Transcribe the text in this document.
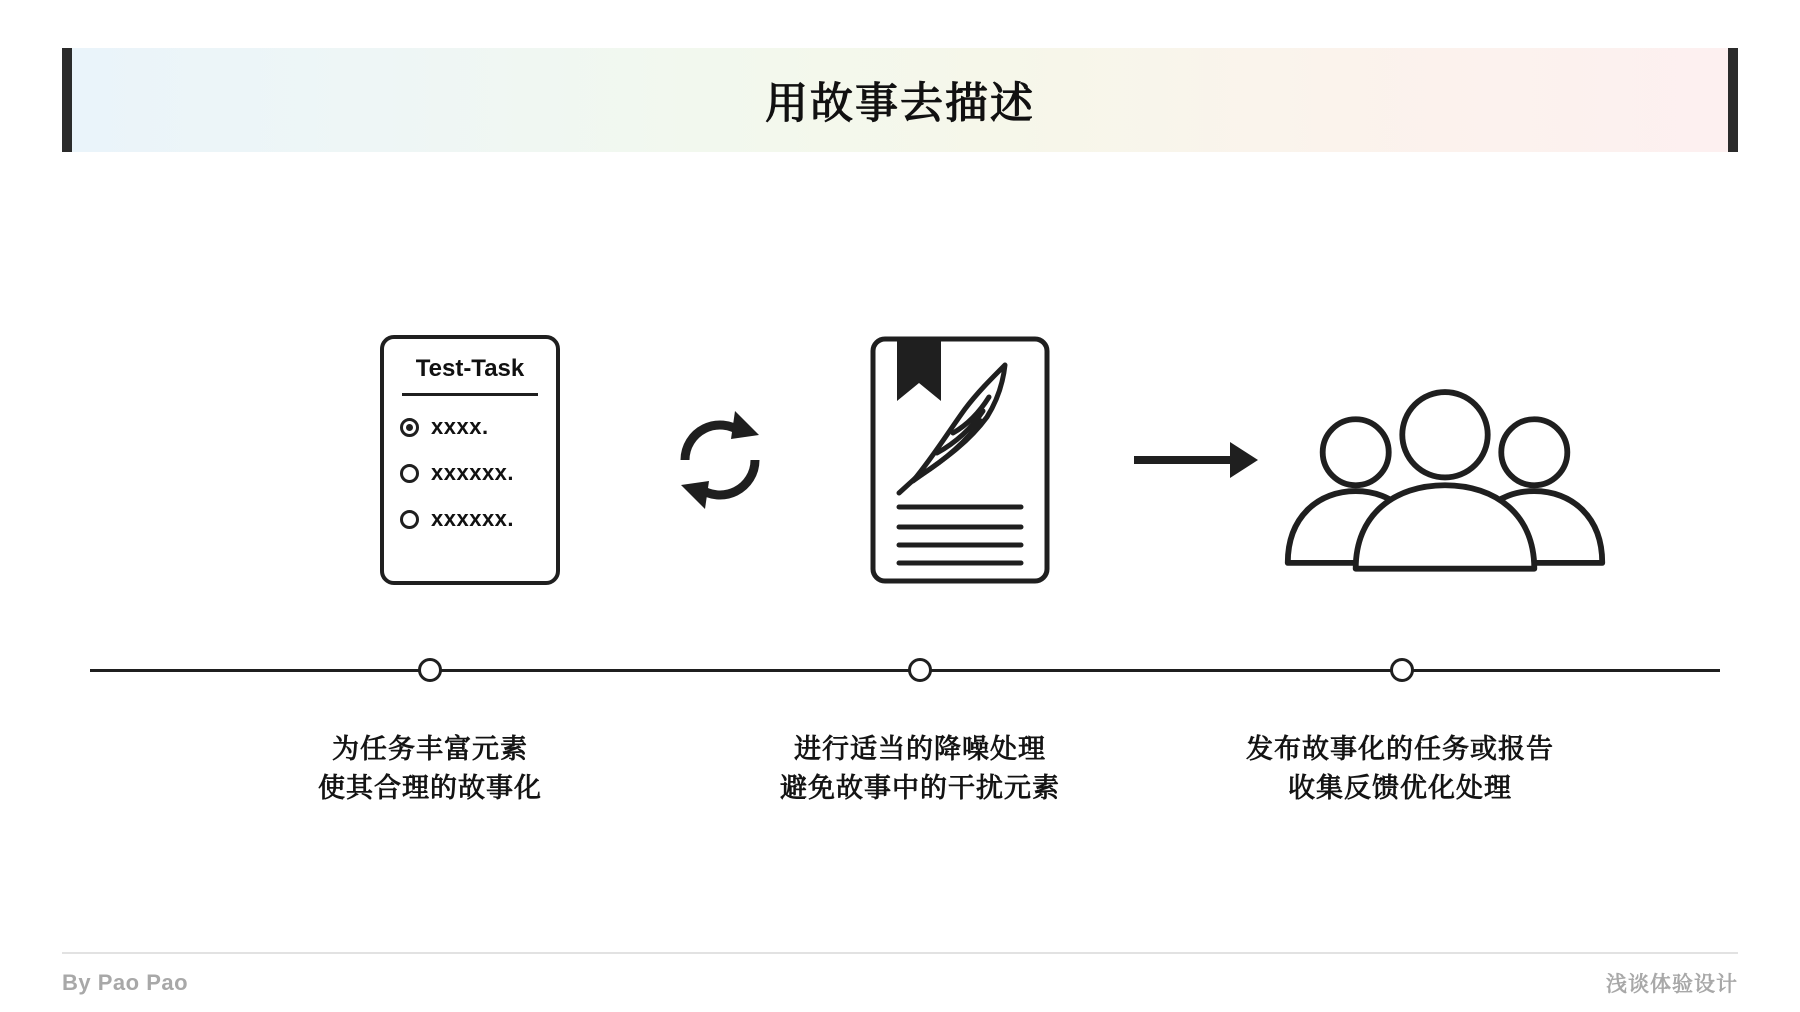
用故事去描述
Test-Task
xxxx.
xxxxxx.
xxxxxx.
为任务丰富元素
使其合理的故事化
进行适当的降噪处理
避免故事中的干扰元素
发布故事化的任务或报告
收集反馈优化处理
By Pao Pao	浅谈体验设计
